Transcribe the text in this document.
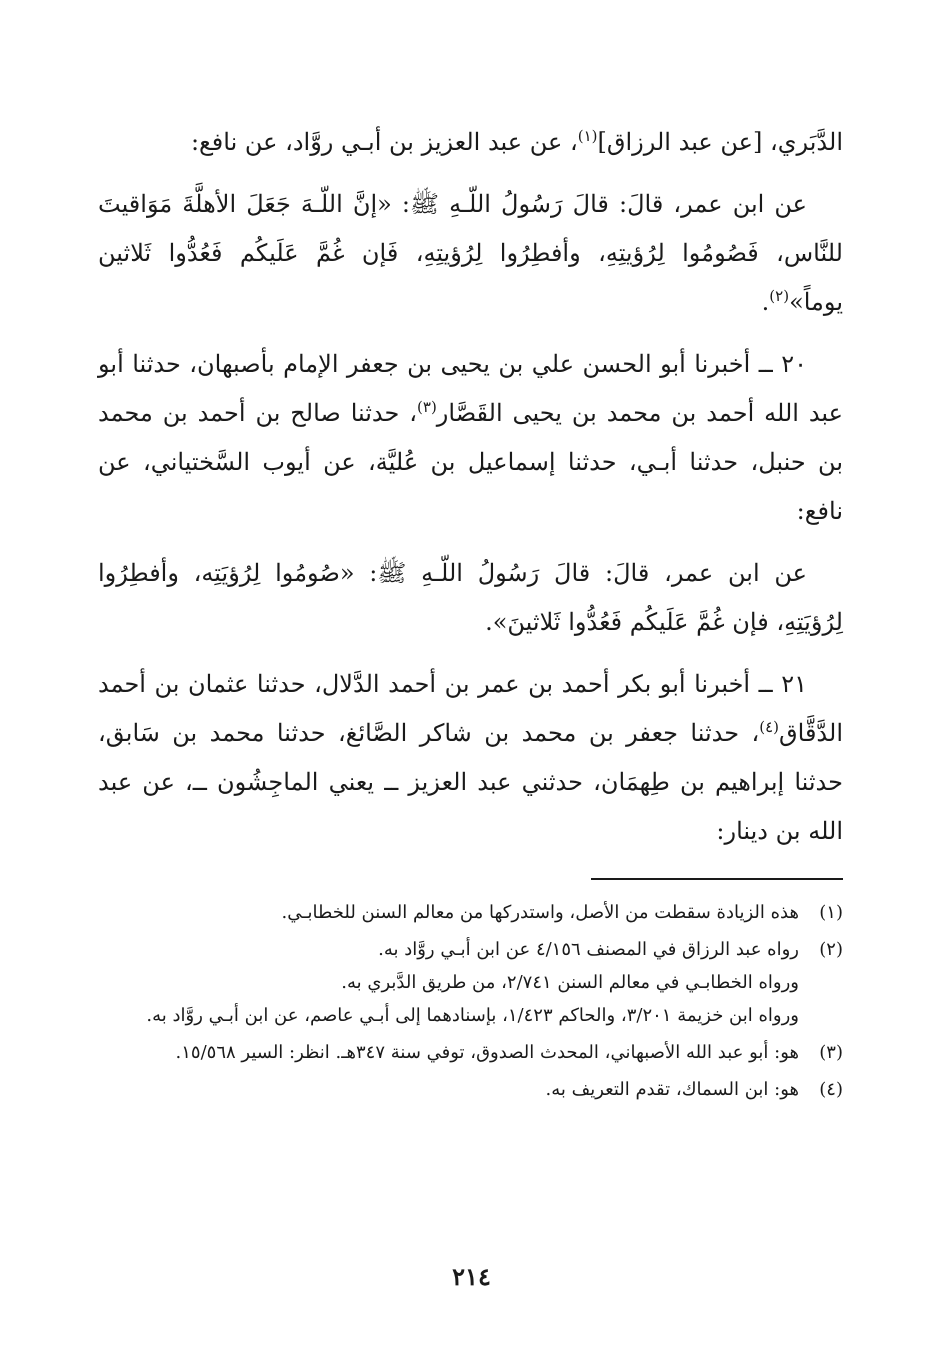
الدَّبَري، [عن عبد الرزاق]$^{(١)}$، عن عبد العزيز بن أبـي روَّاد، عن نافع:

عن ابن عمر، قالَ: قالَ رَسُولُ اللّـهِ ﷺ: «إنَّ اللّـهَ جَعَلَ الأهلَّةَ مَوَاقيتَ للنَّاس، فَصُومُوا لِرُؤيتِهِ، وأفطِرُوا لِرُؤيتِهِ، فَإن غُمَّ عَلَيكُم فَعُدُّوا ثَلاثين يوماً»$^{(٢)}$.

٢٠ ــ أخبرنا أبو الحسن علي بن يحيى بن جعفر الإمام بأصبهان، حدثنا أبو عبد الله أحمد بن محمد بن يحيى القَصَّار$^{(٣)}$، حدثنا صالح بن أحمد بن محمد بن حنبل، حدثنا أبـي، حدثنا إسماعيل بن عُليَّة، عن أيوب السَّختياني، عن نافع:

عن ابن عمر، قالَ: قالَ رَسُولُ اللّـهِ ﷺ: «صُومُوا لِرُؤيَتِه، وأفطِرُوا لِرُؤيَتِهِ، فإن غُمَّ عَلَيكُم فَعُدُّوا ثَلاثينَ».

٢١ ــ أخبرنا أبو بكر أحمد بن عمر بن أحمد الدَّلال، حدثنا عثمان بن أحمد الدَّقَّاق$^{(٤)}$، حدثنا جعفر بن محمد بن شاكر الصَّائغ، حدثنا محمد بن سَابق، حدثنا إبراهيم بن طِهمَان، حدثني عبد العزيز ــ يعني الماجِشُون ــ، عن عبد الله بن دينار:

(١)
هذه الزيادة سقطت من الأصل، واستدركها من معالم السنن للخطابـي.
(٢)
رواه عبد الرزاق في المصنف ٤/١٥٦ عن ابن أبـي روَّاد به.
ورواه الخطابـي في معالم السنن ٢/٧٤١، من طريق الدَّبري به.
ورواه ابن خزيمة ٣/٢٠١، والحاكم ١/٤٢٣، بإسنادهما إلى أبـي عاصم، عن ابن أبـي روَّاد به.
(٣)
هو: أبو عبد الله الأصبهاني، المحدث الصدوق، توفي سنة ٣٤٧هـ. انظر: السير ١٥/٥٦٨.
(٤)
هو: ابن السماك، تقدم التعريف به.
٢١٤
